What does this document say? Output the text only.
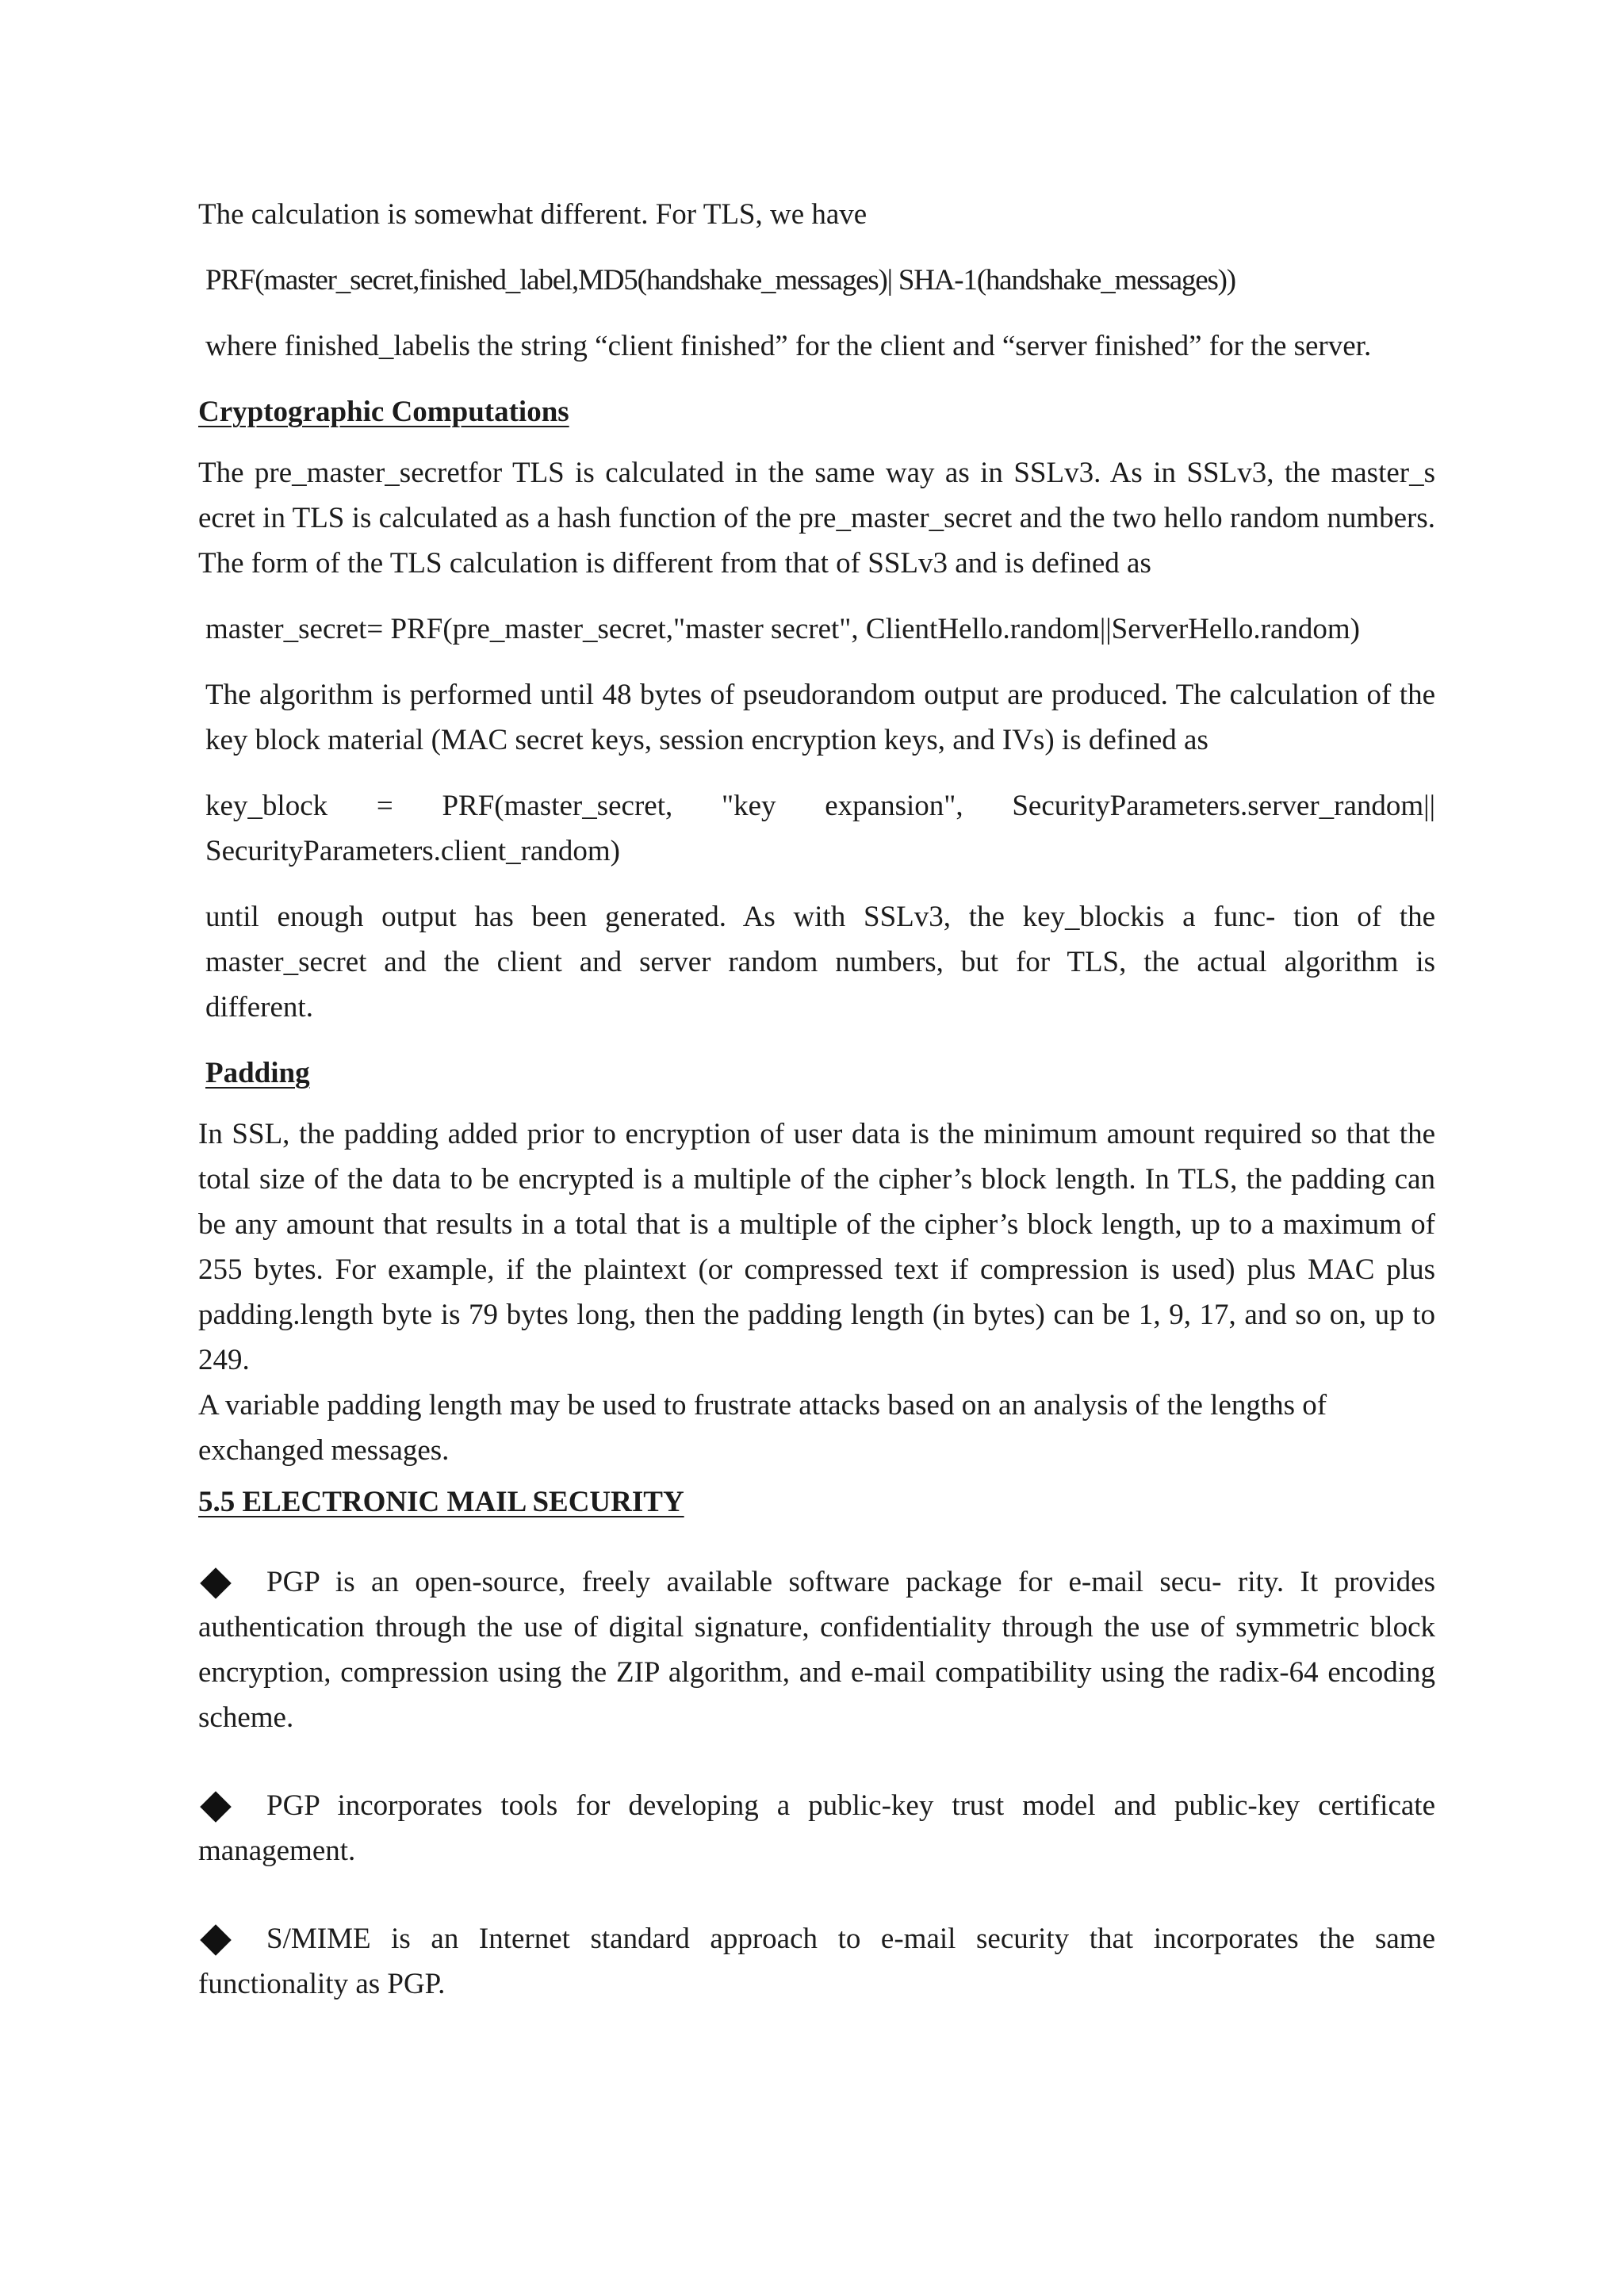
The calculation is somewhat different. For TLS, we have

PRF(master_secret,finished_label,MD5(handshake_messages)| SHA-1(handshake_messages))

where finished_labelis the string “client finished” for the client and “server finished” for the server.

Cryptographic Computations

The pre_master_secretfor TLS is calculated in the same way as in SSLv3. As in SSLv3, the master_s ecret in TLS is calculated as a hash function of the pre_master_secret and the two hello random numbers. The form of the TLS calculation is different from that of SSLv3 and is defined as

master_secret= PRF(pre_master_secret,"master secret", ClientHello.random||ServerHello.random)

The algorithm is performed until 48 bytes of pseudorandom output are produced. The calculation of the key block material (MAC secret keys, session encryption keys, and IVs) is defined as

key_block = PRF(master_secret, "key expansion", SecurityParameters.server_random|| SecurityParameters.client_random)

until enough output has been generated. As with SSLv3, the key_blockis a func- tion of the master_secret and the client and server random numbers, but for TLS, the actual algorithm is different.

Padding

In SSL, the padding added prior to encryption of user data is the minimum amount required so that the total size of the data to be encrypted is a multiple of the cipher’s block length. In TLS, the padding can be any amount that results in a total that is a multiple of the cipher’s block length, up to a maximum of 255 bytes. For example, if the plaintext (or compressed text if compression is used) plus MAC plus padding.length byte is 79 bytes long, then the padding length (in bytes) can be 1, 9, 17, and so on, up to 249.

A variable padding length may be used to frustrate attacks based on an analysis of the lengths of exchanged messages.

5.5 ELECTRONIC MAIL SECURITY

PGP is an open-source, freely available software package for e-mail secu- rity. It provides authentication through the use of digital signature, confidentiality through the use of symmetric block encryption, compression using the ZIP algorithm, and e-mail compatibility using the radix-64 encoding scheme.

PGP incorporates tools for developing a public-key trust model and public-key certificate management.

S/MIME is an Internet standard approach to e-mail security that incorporates the same functionality as PGP.
